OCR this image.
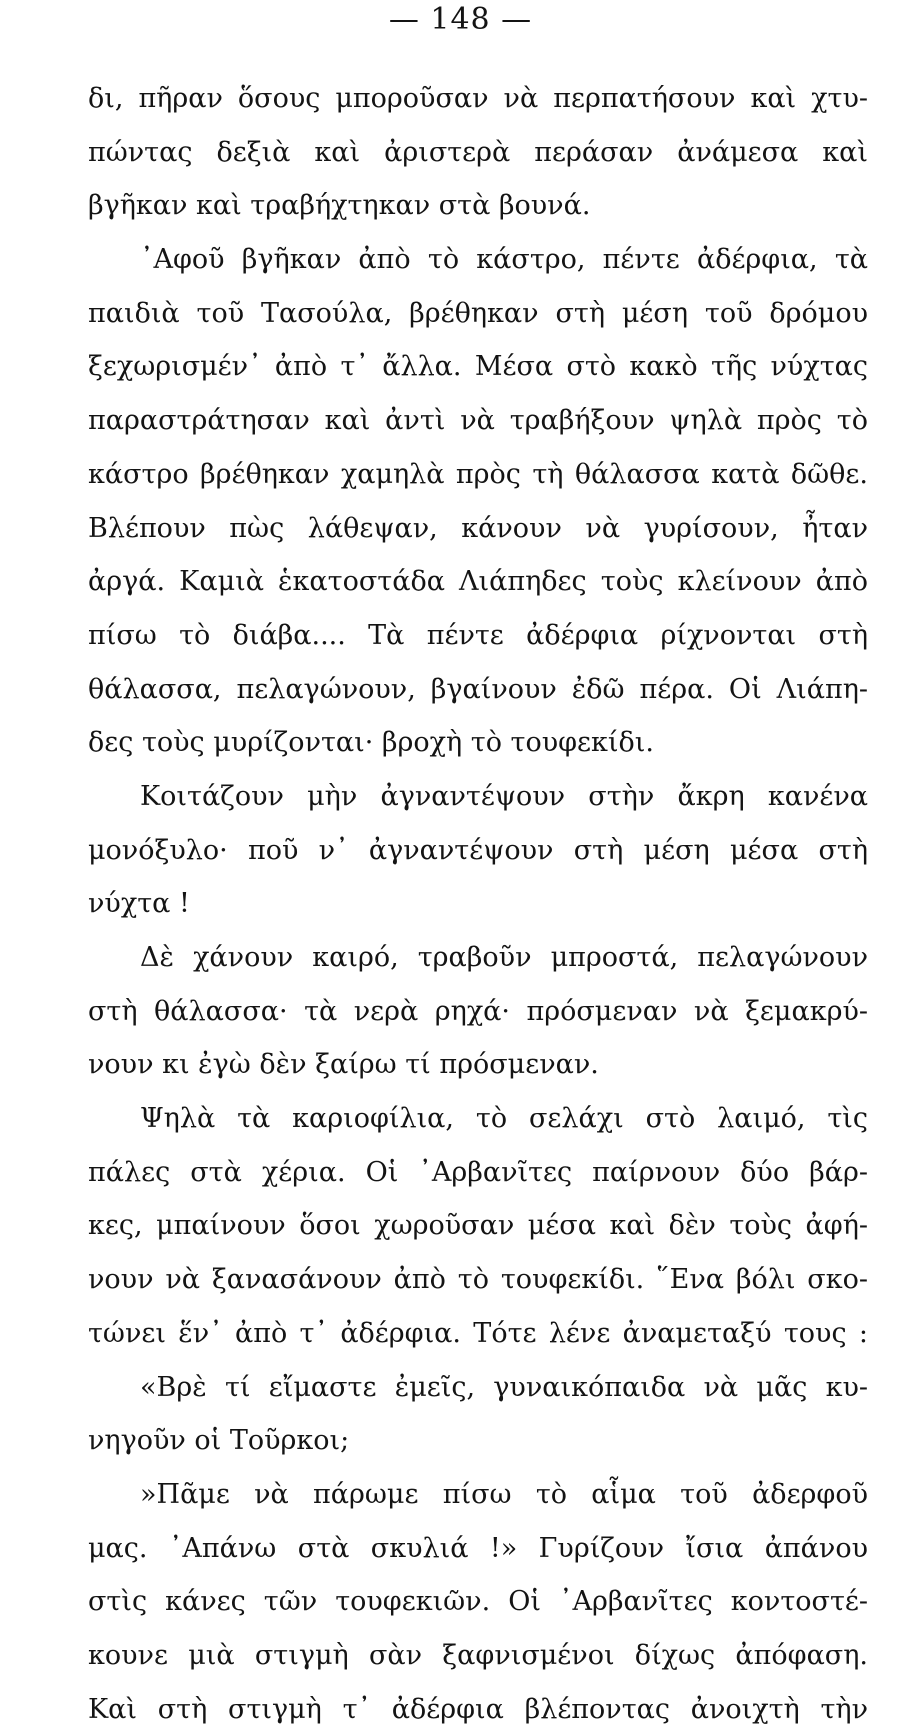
— 148 —
δι, πῆραν ὅσους μποροῦσαν νὰ περπατήσουν καὶ χτυ-
πώντας δεξιὰ καὶ ἀριστερὰ περάσαν ἀνάμεσα καὶ
βγῆκαν καὶ τραβήχτηκαν στὰ βουνά.
᾿Αφοῦ βγῆκαν ἀπὸ τὸ κάστρο, πέντε ἀδέρφια, τὰ
παιδιὰ τοῦ Τασούλα, βρέθηκαν στὴ μέση τοῦ δρόμου
ξεχωρισμέν᾿ ἀπὸ τ᾿ ἄλλα. Μέσα στὸ κακὸ τῆς νύχτας
παραστράτησαν καὶ ἀντὶ νὰ τραβήξουν ψηλὰ πρὸς τὸ
κάστρο βρέθηκαν χαμηλὰ πρὸς τὴ θάλασσα κατὰ δῶθε.
Βλέπουν πὼς λάθεψαν, κάνουν νὰ γυρίσουν, ἦταν
ἀργά. Καμιὰ ἑκατοστάδα Λιάπηδες τοὺς κλείνουν ἀπὸ
πίσω τὸ διάβα.... Τὰ πέντε ἀδέρφια ρίχνονται στὴ
θάλασσα, πελαγώνουν, βγαίνουν ἐδῶ πέρα. Οἱ Λιάπη-
δες τοὺς μυρίζονται· βροχὴ τὸ τουφεκίδι.
Κοιτάζουν μὴν ἀγναντέψουν στὴν ἄκρη κανένα
μονόξυλο· ποῦ ν᾿ ἀγναντέψουν στὴ μέση μέσα στὴ
νύχτα !
Δὲ χάνουν καιρό, τραβοῦν μπροστά, πελαγώνουν
στὴ θάλασσα· τὰ νερὰ ρηχά· πρόσμεναν νὰ ξεμακρύ-
νουν κι ἐγὼ δὲν ξαίρω τί πρόσμεναν.
Ψηλὰ τὰ καριοφίλια, τὸ σελάχι στὸ λαιμό, τὶς
πάλες στὰ χέρια. Οἱ ᾿Αρβανῖτες παίρνουν δύο βάρ-
κες, μπαίνουν ὅσοι χωροῦσαν μέσα καὶ δὲν τοὺς ἀφή-
νουν νὰ ξανασάνουν ἀπὸ τὸ τουφεκίδι. ῞Ενα βόλι σκο-
τώνει ἕν᾿ ἀπὸ τ᾿ ἀδέρφια. Τότε λένε ἀναμεταξύ τους :
«Βρὲ τί εἴμαστε ἐμεῖς, γυναικόπαιδα νὰ μᾶς κυ-
νηγοῦν οἱ Τοῦρκοι;
»Πᾶμε νὰ πάρωμε πίσω τὸ αἷμα τοῦ ἀδερφοῦ
μας. ᾿Απάνω στὰ σκυλιά !» Γυρίζουν ἴσια ἀπάνου
στὶς κάνες τῶν τουφεκιῶν. Οἱ ᾿Αρβανῖτες κοντοστέ-
κουνε μιὰ στιγμὴ σὰν ξαφνισμένοι δίχως ἀπόφαση.
Καὶ στὴ στιγμὴ τ᾿ ἀδέρφια βλέποντας ἀνοιχτὴ τὴν
